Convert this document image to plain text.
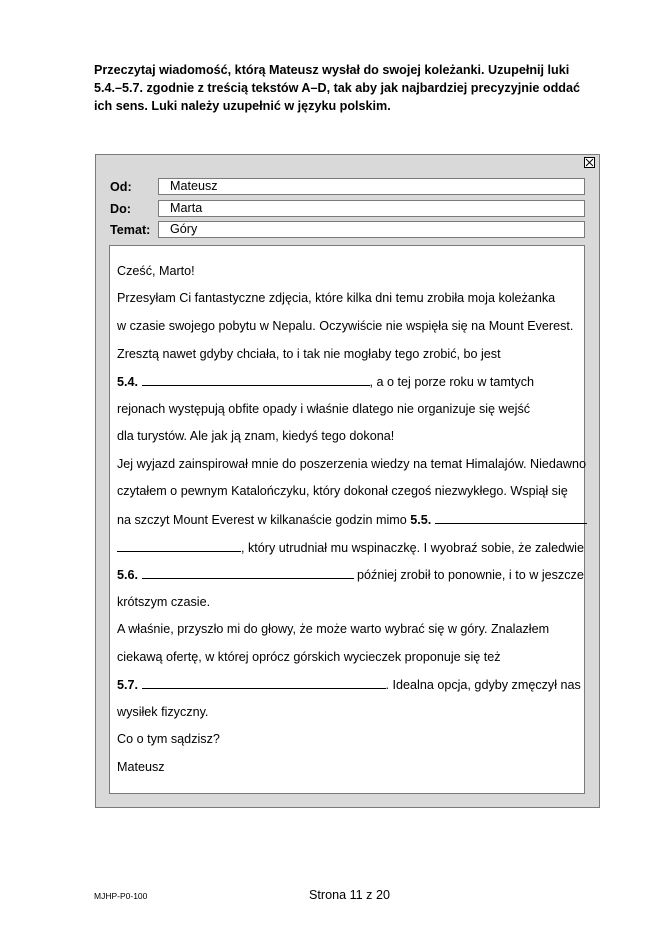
Przeczytaj wiadomość, którą Mateusz wysłał do swojej koleżanki. Uzupełnij luki
5.4.–5.7. zgodnie z treścią tekstów A–D, tak aby jak najbardziej precyzyjnie oddać
ich sens. Luki należy uzupełnić w języku polskim.
Od:	Mateusz
Do:	Marta
Temat:	Góry
Cześć, Marto!
Przesyłam Ci fantastyczne zdjęcia, które kilka dni temu zrobiła moja koleżanka
w czasie swojego pobytu w Nepalu. Oczywiście nie wspięła się na Mount Everest.
Zresztą nawet gdyby chciała, to i tak nie mogłaby tego zrobić, bo jest
5.4.	, a o tej porze roku w tamtych
rejonach występują obfite opady i właśnie dlatego nie organizuje się wejść
dla turystów. Ale jak ją znam, kiedyś tego dokona!
Jej wyjazd zainspirował mnie do poszerzenia wiedzy na temat Himalajów. Niedawno
czytałem o pewnym Katalończyku, który dokonał czegoś niezwykłego. Wspiął się
na szczyt Mount Everest w kilkanaście godzin mimo 5.5.
, który utrudniał mu wspinaczkę. I wyobraź sobie, że zaledwie
5.6.	później zrobił to ponownie, i to w jeszcze
krótszym czasie.
A właśnie, przyszło mi do głowy, że może warto wybrać się w góry. Znalazłem
ciekawą ofertę, w której oprócz górskich wycieczek proponuje się też
5.7.	. Idealna opcja, gdyby zmęczył nas
wysiłek fizyczny.
Co o tym sądzisz?
Mateusz
MJHP-P0-100	Strona 11 z 20
